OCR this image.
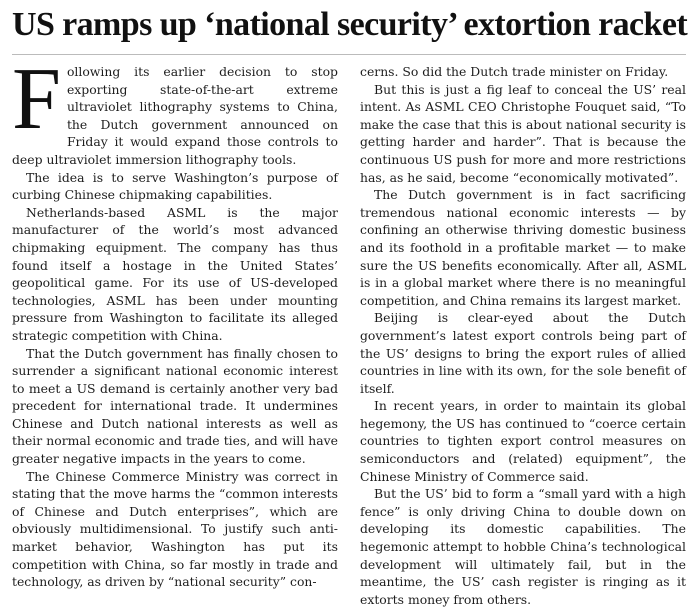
US ramps up ‘national security’ extortion racket

Following its earlier decision to stop exporting state-of-the-art extreme ultraviolet lithography systems to China, the Dutch government announced on Friday it would expand those controls to deep ultraviolet immersion lithography tools.

The idea is to serve Washington’s purpose of curbing Chinese chipmaking capabilities.

Netherlands-based ASML is the major manufacturer of the world’s most advanced chipmaking equipment. The company has thus found itself a hostage in the United States’ geopolitical game. For its use of US-developed technologies, ASML has been under mounting pressure from Washington to facilitate its alleged strategic competition with China.

That the Dutch government has finally chosen to surrender a significant national economic interest to meet a US demand is certainly another very bad precedent for international trade. It undermines Chinese and Dutch national interests as well as their normal economic and trade ties, and will have greater negative impacts in the years to come.

The Chinese Commerce Ministry was correct in stating that the move harms the “common interests of Chinese and Dutch enterprises”, which are obviously multidimensional. To justify such anti-market behavior, Washington has put its competition with China, so far mostly in trade and technology, as driven by “national security” con-

cerns. So did the Dutch trade minister on Friday.

But this is just a fig leaf to conceal the US’ real intent. As ASML CEO Christophe Fouquet said, “To make the case that this is about national security is getting harder and harder”. That is because the continuous US push for more and more restrictions has, as he said, become “economically motivated”.

The Dutch government is in fact sacrificing tremendous national economic interests — by confining an otherwise thriving domestic business and its foothold in a profitable market — to make sure the US benefits economically. After all, ASML is in a global market where there is no meaningful competition, and China remains its largest market.

Beijing is clear-eyed about the Dutch government’s latest export controls being part of the US’ designs to bring the export rules of allied countries in line with its own, for the sole benefit of itself.

In recent years, in order to maintain its global hegemony, the US has continued to “coerce certain countries to tighten export control measures on semiconductors and (related) equipment”, the Chinese Ministry of Commerce said.

But the US’ bid to form a “small yard with a high fence” is only driving China to double down on developing its domestic capabilities. The hegemonic attempt to hobble China’s technological development will ultimately fail, but in the meantime, the US’ cash register is ringing as it extorts money from others.
